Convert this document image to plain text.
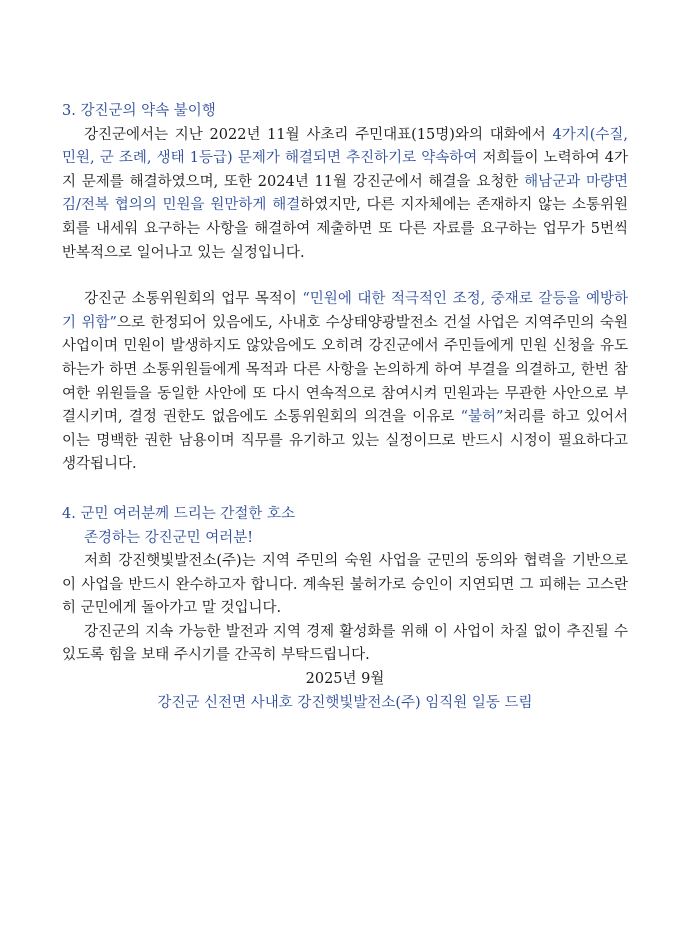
3. 강진군의 약속 불이행

강진군에서는 지난 2022년 11월 사초리 주민대표(15명)와의 대화에서 4가지(수질, 민원, 군 조례, 생태 1등급) 문제가 해결되면 추진하기로 약속하여 저희들이 노력하여 4가지 문제를 해결하였으며, 또한 2024년 11월 강진군에서 해결을 요청한 해남군과 마량면 김/전복 협의의 민원을 원만하게 해결하였지만, 다른 지자체에는 존재하지 않는 소통위원회를 내세워 요구하는 사항을 해결하여 제출하면 또 다른 자료를 요구하는 업무가 5번씩 반복적으로 일어나고 있는 실정입니다.

강진군 소통위원회의 업무 목적이 “민원에 대한 적극적인 조정, 중재로 갈등을 예방하기 위함”으로 한정되어 있음에도, 사내호 수상태양광발전소 건설 사업은 지역주민의 숙원 사업이며 민원이 발생하지도 않았음에도 오히려 강진군에서 주민들에게 민원 신청을 유도하는가 하면 소통위원들에게 목적과 다른 사항을 논의하게 하여 부결을 의결하고, 한번 참여한 위원들을 동일한 사안에 또 다시 연속적으로 참여시켜 민원과는 무관한 사안으로 부결시키며, 결정 권한도 없음에도 소통위원회의 의견을 이유로 “불허”처리를 하고 있어서 이는 명백한 권한 남용이며 직무를 유기하고 있는 실정이므로 반드시 시정이 필요하다고 생각됩니다.

4. 군민 여러분께 드리는 간절한 호소

존경하는 강진군민 여러분!

저희 강진햇빛발전소(주)는 지역 주민의 숙원 사업을 군민의 동의와 협력을 기반으로 이 사업을 반드시 완수하고자 합니다. 계속된 불허가로 승인이 지연되면 그 피해는 고스란히 군민에게 돌아가고 말 것입니다.

강진군의 지속 가능한 발전과 지역 경제 활성화를 위해 이 사업이 차질 없이 추진될 수 있도록 힘을 보태 주시기를 간곡히 부탁드립니다.

2025년 9월

강진군 신전면 사내호 강진햇빛발전소(주) 임직원 일동 드림
